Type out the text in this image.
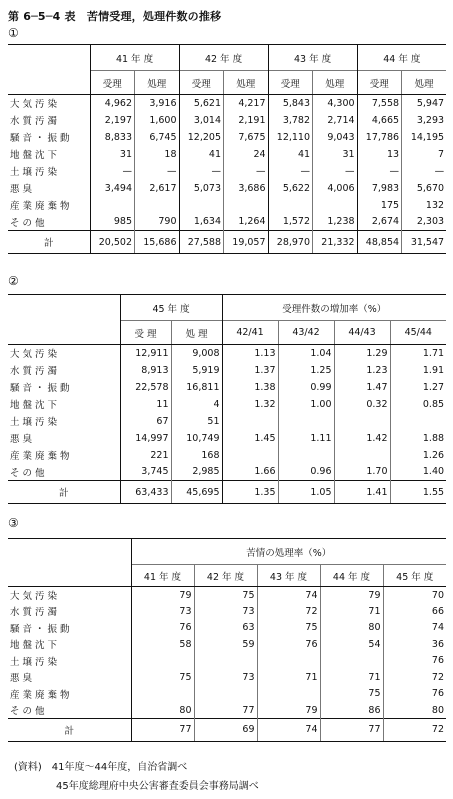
第 6─5─4 表　苦情受理，処理件数の推移
①
	41 年 度		42 年 度		43 年 度		44 年 度	
	受理	処理	受理	処理	受理	処理	受理	処理
大気汚染	4,962	3,916	5,621	4,217	5,843	4,300	7,558	5,947
水質汚濁	2,197	1,600	3,014	2,191	3,782	2,714	4,665	3,293
騒音・振動	8,833	6,745	12,205	7,675	12,110	9,043	17,786	14,195
地盤沈下	31	18	41	24	41	31	13	7
土壌汚染	—	—	—	—	—	—	—	—
悪臭	3,494	2,617	5,073	3,686	5,622	4,006	7,983	5,670
産業廃棄物							175	132
その他	985	790	1,634	1,264	1,572	1,238	2,674	2,303
計	20,502	15,686	27,588	19,057	28,970	21,332	48,854	31,547
②
	45 年 度		受理件数の増加率（%）			
	受 理	処 理	42/41	43/42	44/43	45/44
大気汚染	12,911	9,008	1.13	1.04	1.29	1.71
水質汚濁	8,913	5,919	1.37	1.25	1.23	1.91
騒音・振動	22,578	16,811	1.38	0.99	1.47	1.27
地盤沈下	11	4	1.32	1.00	0.32	0.85
土壌汚染	67	51				
悪臭	14,997	10,749	1.45	1.11	1.42	1.88
産業廃棄物	221	168				1.26
その他	3,745	2,985	1.66	0.96	1.70	1.40
計	63,433	45,695	1.35	1.05	1.41	1.55
③
	苦情の処理率（%）				
	41 年 度	42 年 度	43 年 度	44 年 度	45 年 度
大気汚染	79	75	74	79	70
水質汚濁	73	73	72	71	66
騒音・振動	76	63	75	80	74
地盤沈下	58	59	76	54	36
土壌汚染					76
悪臭	75	73	71	71	72
産業廃棄物				75	76
その他	80	77	79	86	80
計	77	69	74	77	72
(資料)　41年度～44年度，自治省調べ
45年度総理府中央公害審査委員会事務局調べ
